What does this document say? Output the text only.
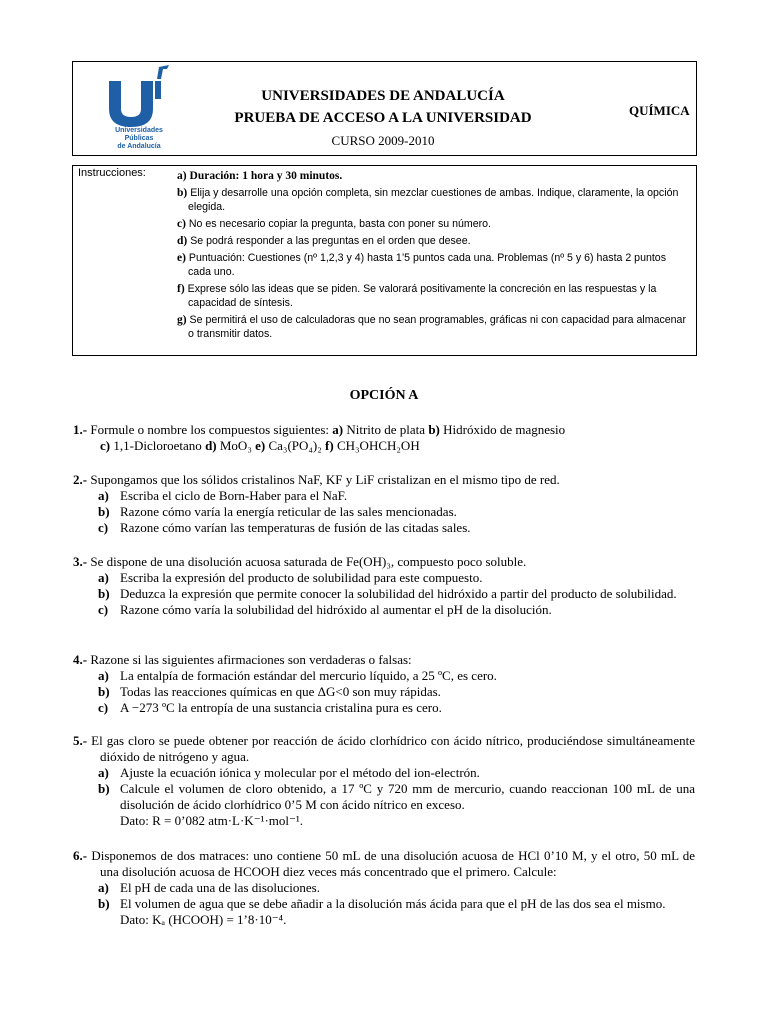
Universidades Públicas
de Andalucía
UNIVERSIDADES DE ANDALUCÍA
PRUEBA DE ACCESO A LA UNIVERSIDAD
CURSO 2009-2010
QUÍMICA
Instrucciones:	a) Duración: 1 hora y 30 minutos.
b) Elija y desarrolle una opción completa, sin mezclar cuestiones de ambas. Indique, claramente, la opción elegida.
c) No es necesario copiar la pregunta, basta con poner su número.
d) Se podrá responder a las preguntas en el orden que desee.
e) Puntuación: Cuestiones (nº 1,2,3 y 4) hasta 1’5 puntos cada una. Problemas (nº 5 y 6) hasta 2 puntos cada uno.
f) Exprese sólo las ideas que se piden. Se valorará positivamente la concreción en las respuestas y la capacidad de síntesis.
g) Se permitirá el uso de calculadoras que no sean programables, gráficas ni con capacidad para almacenar o transmitir datos.
OPCIÓN A
1.- Formule o nombre los compuestos siguientes: a) Nitrito de plata b) Hidróxido de magnesio
c) 1,1-Dicloroetano d) MoO₃ e) Ca₃(PO₄)₂ f) CH₃OHCH₂OH
2.- Supongamos que los sólidos cristalinos NaF, KF y LiF cristalizan en el mismo tipo de red.
a) Escriba el ciclo de Born-Haber para el NaF.
b) Razone cómo varía la energía reticular de las sales mencionadas.
c) Razone cómo varían las temperaturas de fusión de las citadas sales.
3.- Se dispone de una disolución acuosa saturada de Fe(OH)₃, compuesto poco soluble.
a) Escriba la expresión del producto de solubilidad para este compuesto.
b) Deduzca la expresión que permite conocer la solubilidad del hidróxido a partir del producto de solubilidad.
c) Razone cómo varía la solubilidad del hidróxido al aumentar el pH de la disolución.
4.- Razone si las siguientes afirmaciones son verdaderas o falsas:
a) La entalpía de formación estándar del mercurio líquido, a 25 ºC, es cero.
b) Todas las reacciones químicas en que ΔG<0 son muy rápidas.
c) A −273 ºC la entropía de una sustancia cristalina pura es cero.
5.- El gas cloro se puede obtener por reacción de ácido clorhídrico con ácido nítrico, produciéndose simultáneamente dióxido de nitrógeno y agua.
a) Ajuste la ecuación iónica y molecular por el método del ion-electrón.
b) Calcule el volumen de cloro obtenido, a 17 ºC y 720 mm de mercurio, cuando reaccionan 100 mL de una disolución de ácido clorhídrico 0’5 M con ácido nítrico en exceso.
Dato: R = 0’082 atm·L·K⁻¹·mol⁻¹.
6.- Disponemos de dos matraces: uno contiene 50 mL de una disolución acuosa de HCl 0’10 M, y el otro, 50 mL de una disolución acuosa de HCOOH diez veces más concentrado que el primero. Calcule:
a) El pH de cada una de las disoluciones.
b) El volumen de agua que se debe añadir a la disolución más ácida para que el pH de las dos sea el mismo.
Dato: Kₐ (HCOOH) = 1’8·10⁻⁴.
